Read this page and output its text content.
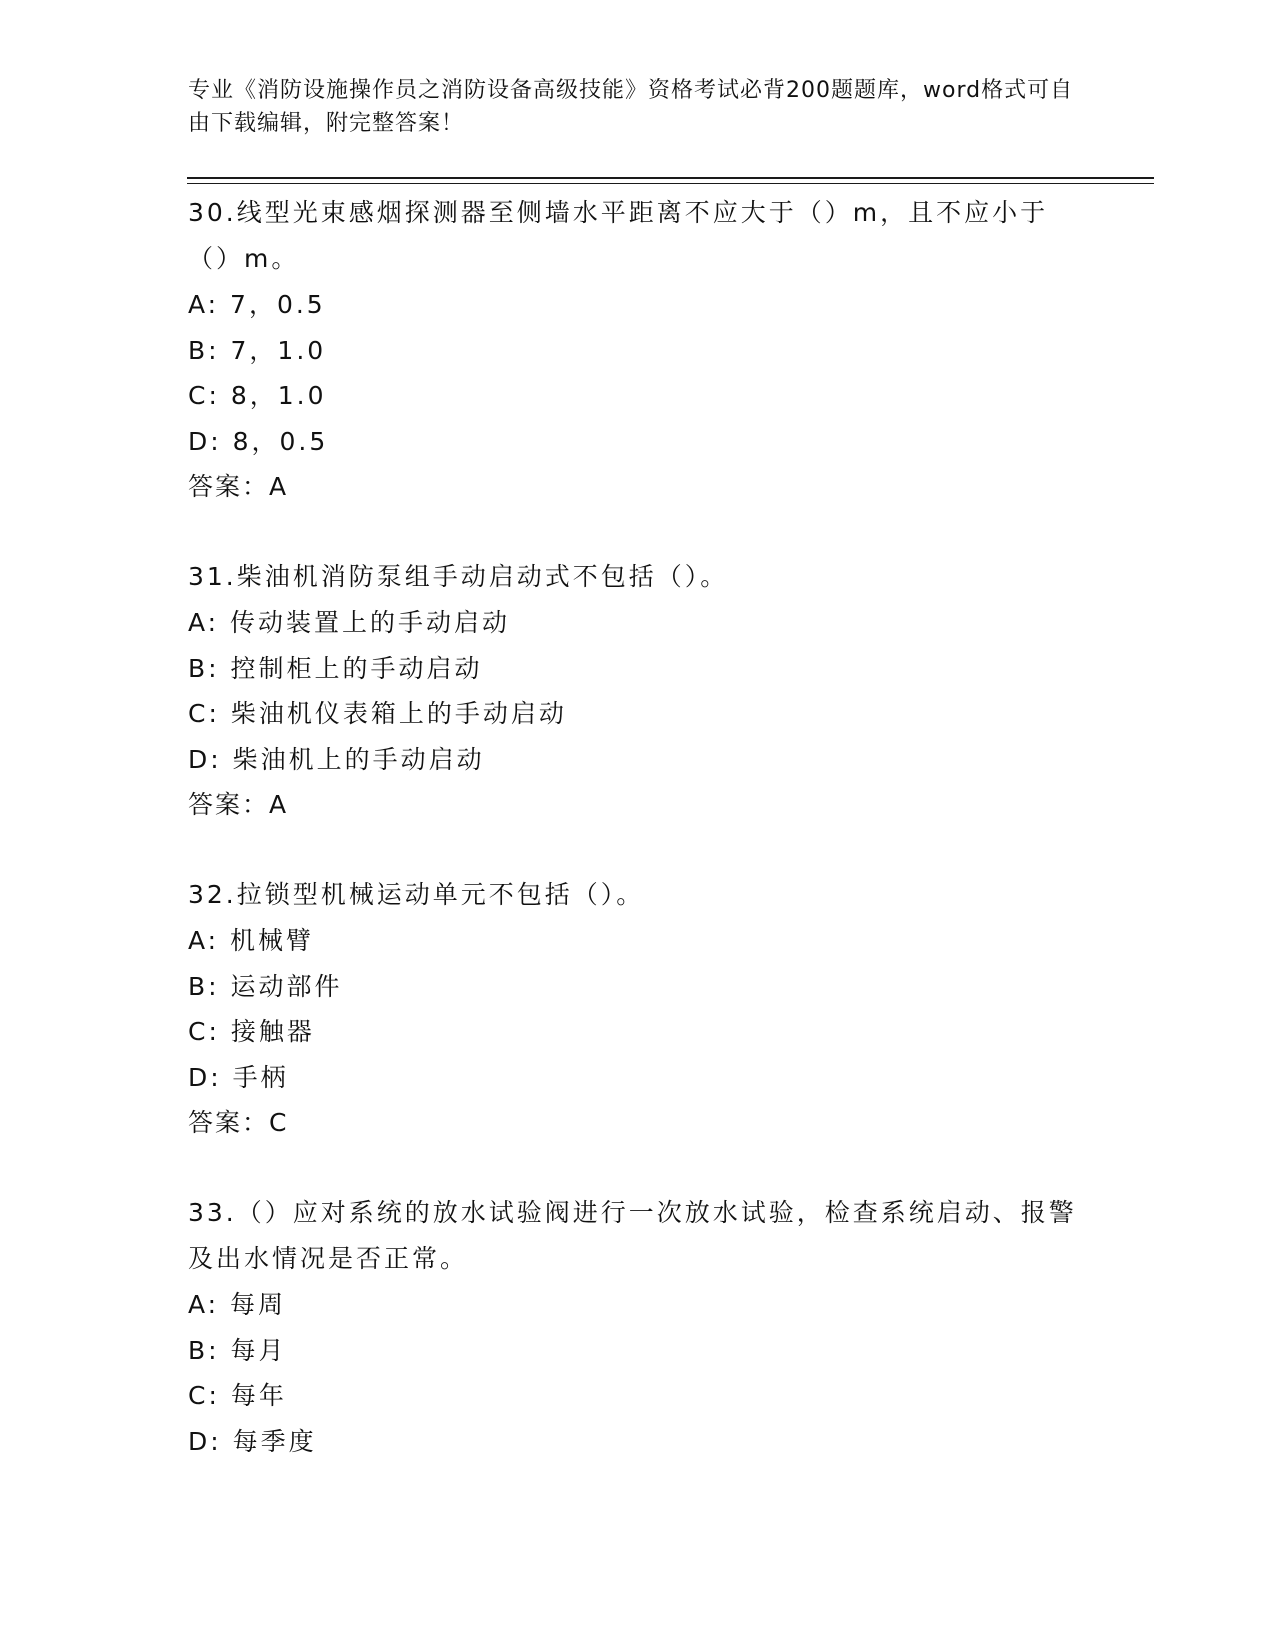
专业《消防设施操作员之消防设备高级技能》资格考试必背200题题库，word格式可自由下载编辑，附完整答案！
30.线型光束感烟探测器至侧墙水平距离不应大于（）m，且不应小于（）m。
A: 7，0.5
B: 7，1.0
C: 8，1.0
D: 8，0.5
答案：A
31.柴油机消防泵组手动启动式不包括（）。
A: 传动装置上的手动启动
B: 控制柜上的手动启动
C: 柴油机仪表箱上的手动启动
D: 柴油机上的手动启动
答案：A
32.拉锁型机械运动单元不包括（）。
A: 机械臂
B: 运动部件
C: 接触器
D: 手柄
答案：C
33.（）应对系统的放水试验阀进行一次放水试验，检查系统启动、报警及出水情况是否正常。
A: 每周
B: 每月
C: 每年
D: 每季度
